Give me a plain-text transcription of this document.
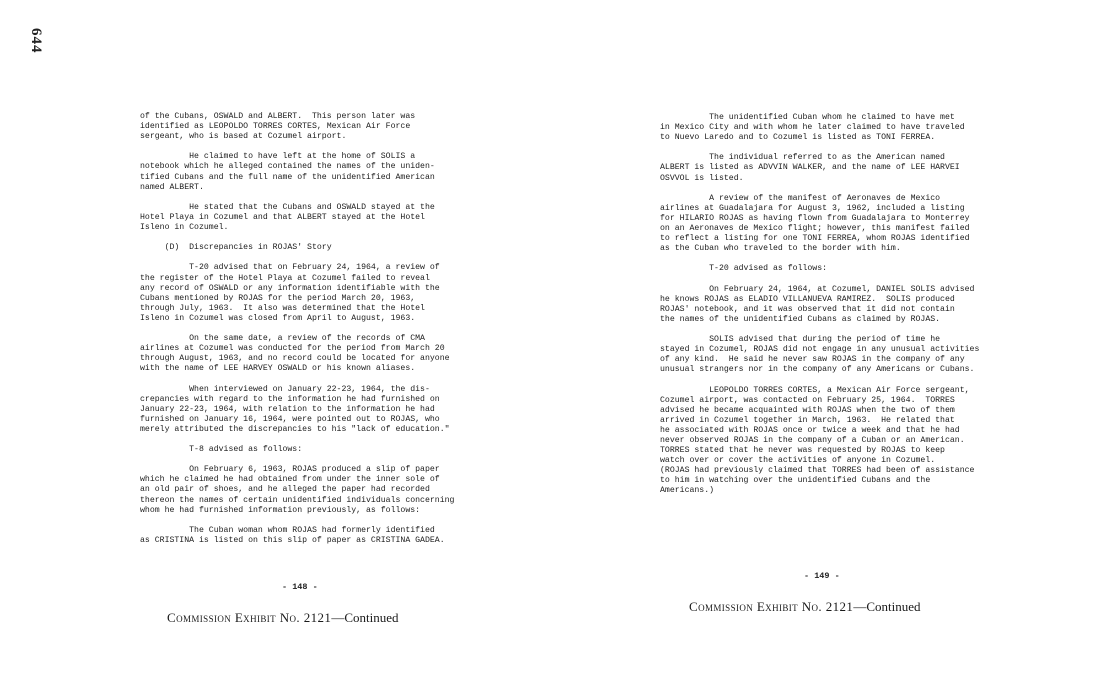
644
of the Cubans, OSWALD and ALBERT.  This person later was
identified as LEOPOLDO TORRES CORTES, Mexican Air Force
sergeant, who is based at Cozumel airport.

He claimed to have left at the home of SOLIS a
notebook which he alleged contained the names of the uniden-
tified Cubans and the full name of the unidentified American
named ALBERT.

He stated that the Cubans and OSWALD stayed at the
Hotel Playa in Cozumel and that ALBERT stayed at the Hotel
Isleno in Cozumel.

(D)  Discrepancies in ROJAS' Story

T-20 advised that on February 24, 1964, a review of
the register of the Hotel Playa at Cozumel failed to reveal
any record of OSWALD or any information identifiable with the
Cubans mentioned by ROJAS for the period March 20, 1963,
through July, 1963.  It also was determined that the Hotel
Isleno in Cozumel was closed from April to August, 1963.

On the same date, a review of the records of CMA
airlines at Cozumel was conducted for the period from March 20
through August, 1963, and no record could be located for anyone
with the name of LEE HARVEY OSWALD or his known aliases.

When interviewed on January 22-23, 1964, the dis-
crepancies with regard to the information he had furnished on
January 22-23, 1964, with relation to the information he had
furnished on January 16, 1964, were pointed out to ROJAS, who
merely attributed the discrepancies to his "lack of education."

T-8 advised as follows:

On February 6, 1963, ROJAS produced a slip of paper
which he claimed he had obtained from under the inner sole of
an old pair of shoes, and he alleged the paper had recorded
thereon the names of certain unidentified individuals concerning
whom he had furnished information previously, as follows:

The Cuban woman whom ROJAS had formerly identified
as CRISTINA is listed on this slip of paper as CRISTINA GADEA.
- 148 -
Commission Exhibit No. 2121—Continued
The unidentified Cuban whom he claimed to have met
in Mexico City and with whom he later claimed to have traveled
to Nuevo Laredo and to Cozumel is listed as TONI FERREA.

The individual referred to as the American named
ALBERT is listed as ADVVIN WALKER, and the name of LEE HARVEI
OSVVOL is listed.

A review of the manifest of Aeronaves de Mexico
airlines at Guadalajara for August 3, 1962, included a listing
for HILARIO ROJAS as having flown from Guadalajara to Monterrey
on an Aeronaves de Mexico flight; however, this manifest failed
to reflect a listing for one TONI FERREA, whom ROJAS identified
as the Cuban who traveled to the border with him.

T-20 advised as follows:

On February 24, 1964, at Cozumel, DANIEL SOLIS advised
he knows ROJAS as ELADIO VILLANUEVA RAMIREZ.  SOLIS produced
ROJAS' notebook, and it was observed that it did not contain
the names of the unidentified Cubans as claimed by ROJAS.

SOLIS advised that during the period of time he
stayed in Cozumel, ROJAS did not engage in any unusual activities
of any kind.  He said he never saw ROJAS in the company of any
unusual strangers nor in the company of any Americans or Cubans.

LEOPOLDO TORRES CORTES, a Mexican Air Force sergeant,
Cozumel airport, was contacted on February 25, 1964.  TORRES
advised he became acquainted with ROJAS when the two of them
arrived in Cozumel together in March, 1963.  He related that
he associated with ROJAS once or twice a week and that he had
never observed ROJAS in the company of a Cuban or an American.
TORRES stated that he never was requested by ROJAS to keep
watch over or cover the activities of anyone in Cozumel.
(ROJAS had previously claimed that TORRES had been of assistance
to him in watching over the unidentified Cubans and the
Americans.)
- 149 -
Commission Exhibit No. 2121—Continued
